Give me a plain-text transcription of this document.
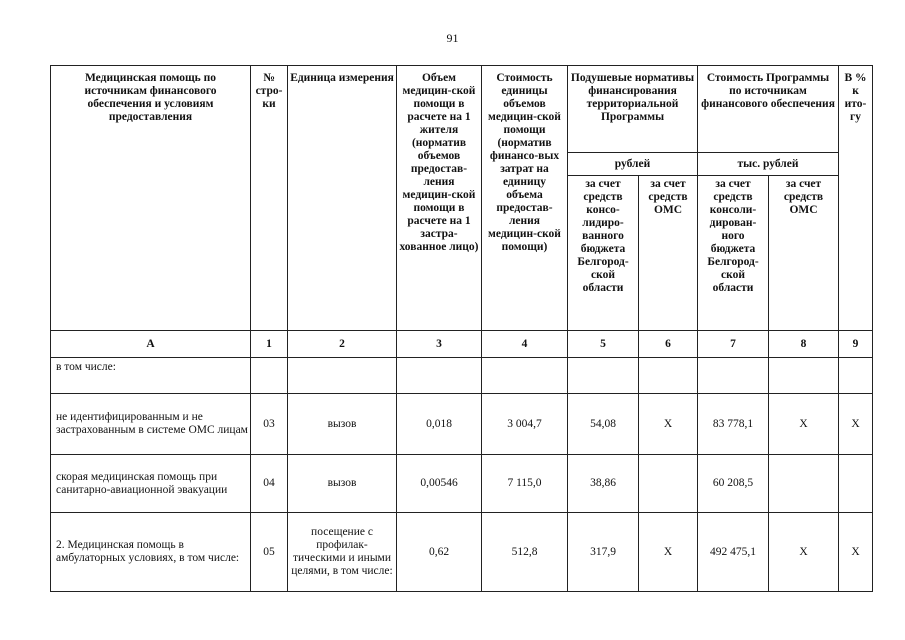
91
Медицинская помощь по источникам финансового обеспечения и условиям предоставления	№ стро-ки	Единица измерения	Объем медицин-ской помощи в расчете на 1 жителя (норматив объемов предостав-ления медицин-ской помощи в расчете на 1 застра-хованное лицо)	Стоимость единицы объемов медицин-ской помощи (норматив финансо-вых затрат на единицу объема предостав-ления медицин-ской помощи)	Подушевые нормативы финансирования территориальной Программы		Стоимость Программы по источникам финансового обеспечения		В % к ито-гу
					рублей		тыс. рублей		
					за счет средств консо-лидиро-ванного бюджета Белгород-ской области	за счет средств ОМС	за счет средств консоли-дирован-ного бюджета Белгород-ской области	за счет средств ОМС	
А	1	2	3	4	5	6	7	8	9
в том числе:									
не идентифицированным и не застрахованным в системе ОМС лицам	03	вызов	0,018	3 004,7	54,08	X	83 778,1	X	X
скорая медицинская помощь при санитарно-авиационной эвакуации	04	вызов	0,00546	7 115,0	38,86		60 208,5		
2. Медицинская помощь в амбулаторных условиях, в том числе:	05	посещение с профилак-тическими и иными целями, в том числе:	0,62	512,8	317,9	X	492 475,1	X	X
